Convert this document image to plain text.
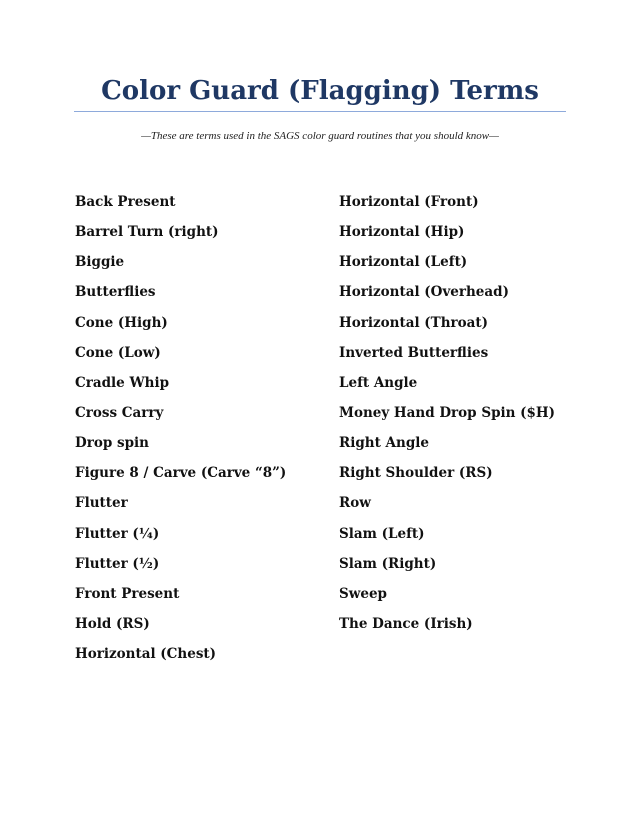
Color Guard (Flagging) Terms
—These are terms used in the SAGS color guard routines that you should know—
Back Present
Barrel Turn (right)
Biggie
Butterflies
Cone (High)
Cone (Low)
Cradle Whip
Cross Carry
Drop spin
Figure 8 / Carve (Carve “8”)
Flutter
Flutter (¼)
Flutter (½)
Front Present
Hold (RS)
Horizontal (Chest)
Horizontal (Front)
Horizontal (Hip)
Horizontal (Left)
Horizontal (Overhead)
Horizontal (Throat)
Inverted Butterflies
Left Angle
Money Hand Drop Spin ($H)
Right Angle
Right Shoulder (RS)
Row
Slam (Left)
Slam (Right)
Sweep
The Dance (Irish)
